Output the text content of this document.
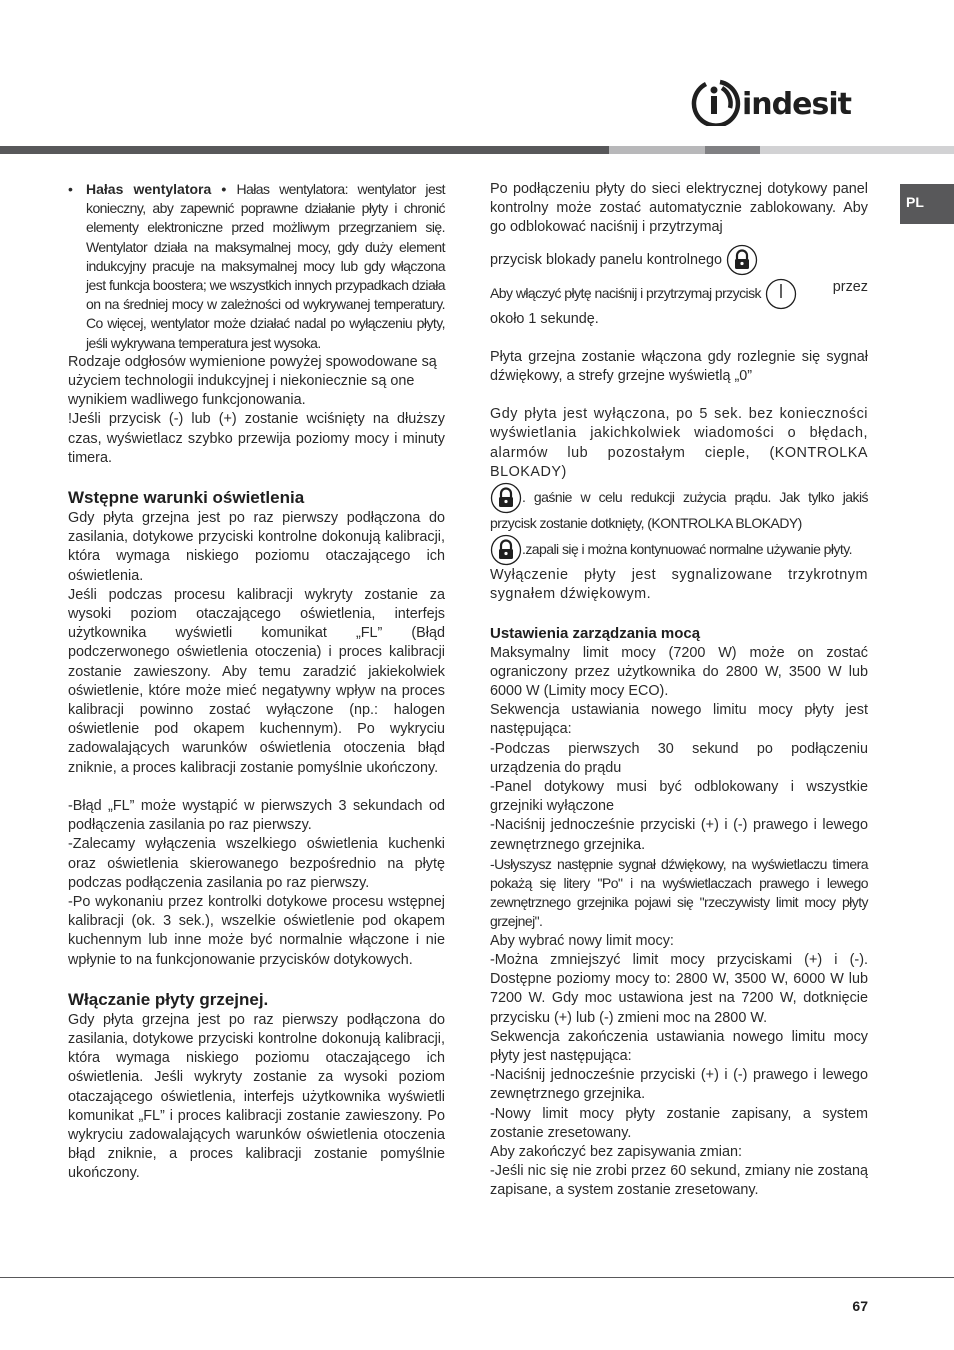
indesit
PL
• Hałas wentylatora • Hałas wentylatora: wentylator jest konieczny, aby zapewnić poprawne działanie płyty i chronić elementy elektroniczne przed możliwym przegrzaniem się. Wentylator działa na maksymalnej mocy, gdy duży element indukcyjny pracuje na maksymalnej mocy lub gdy włączona jest funkcja boostera; we wszystkich innych przypadkach działa on na średniej mocy w zależności od wykrywanej temperatury. Co więcej, wentylator może działać nadal po wyłączeniu płyty, jeśli wykrywana temperatura jest wysoka.

Rodzaje odgłosów wymienione powyżej spowodowane są użyciem technologii indukcyjnej i niekoniecznie są one wynikiem wadliwego funkcjonowania.

!Jeśli przycisk (-) lub (+) zostanie wciśnięty na dłuższy czas, wyświetlacz szybko przewija poziomy mocy i minuty timera.

Wstępne warunki oświetlenia

Gdy płyta grzejna jest po raz pierwszy podłączona do zasilania, dotykowe przyciski kontrolne dokonują kalibracji, która wymaga niskiego poziomu otaczającego ich oświetlenia.

Jeśli podczas procesu kalibracji wykryty zostanie za wysoki poziom otaczającego oświetlenia, interfejs użytkownika wyświetli komunikat „FL” (Błąd podczerwonego oświetlenia otoczenia) i proces kalibracji zostanie zawieszony. Aby temu zaradzić jakiekolwiek oświetlenie, które może mieć negatywny wpływ na proces kalibracji powinno zostać wyłączone (np.: halogen oświetlenie pod okapem kuchennym). Po wykryciu zadowalających warunków oświetlenia otoczenia błąd zniknie, a proces kalibracji zostanie pomyślnie ukończony.

-Błąd „FL” może wystąpić w pierwszych 3 sekundach od podłączenia zasilania po raz pierwszy.

-Zalecamy wyłączenia wszelkiego oświetlenia kuchenki oraz oświetlenia skierowanego bezpośrednio na płytę podczas podłączenia zasilania po raz pierwszy.

-Po wykonaniu przez kontrolki dotykowe procesu wstępnej kalibracji (ok. 3 sek.), wszelkie oświetlenie pod okapem kuchennym lub inne może być normalnie włączone i nie wpłynie to na funkcjonowanie przycisków dotykowych.

Włączanie płyty grzejnej.

Gdy płyta grzejna jest po raz pierwszy podłączona do zasilania, dotykowe przyciski kontrolne dokonują kalibracji, która wymaga niskiego poziomu otaczającego ich oświetlenia. Jeśli wykryty zostanie za wysoki poziom otaczającego oświetlenia, interfejs użytkownika wyświetli komunikat „FL” i proces kalibracji zostanie zawieszony. Po wykryciu zadowalających warunków oświetlenia otoczenia błąd zniknie, a proces kalibracji zostanie pomyślnie ukończony.

Po podłączeniu płyty do sieci elektrycznej dotykowy panel kontrolny może zostać automatycznie zablokowany. Aby go odblokować naciśnij i przytrzymaj

przycisk blokady panelu kontrolnego

Aby włączyć płytę naciśnij i przytrzymaj przycisk	przez

około 1 sekundę.

Płyta grzejna zostanie włączona gdy rozlegnie się sygnał dźwiękowy, a strefy grzejne wyświetlą „0”

Gdy płyta jest wyłączona, po 5 sek. bez konieczności wyświetlania jakichkolwiek wiadomości o błędach, alarmów lub pozostałym cieple, (KONTROLKA BLOKADY)

. gaśnie w celu redukcji zużycia prądu. Jak tylko jakiś przycisk zostanie dotknięty, (KONTROLKA BLOKADY)

.zapali się i można kontynuować normalne używanie płyty.

Wyłączenie płyty jest sygnalizowane trzykrotnym sygnałem dźwiękowym.

Ustawienia zarządzania mocą

Maksymalny limit mocy (7200 W) może on zostać ograniczony przez użytkownika do 2800 W, 3500 W lub 6000 W (Limity mocy ECO).

Sekwencja ustawiania nowego limitu mocy płyty jest następująca:

-Podczas pierwszych 30 sekund po podłączeniu urządzenia do prądu

-Panel dotykowy musi być odblokowany i wszystkie grzejniki wyłączone

-Naciśnij jednocześnie przyciski (+) i (-) prawego i lewego zewnętrznego grzejnika.

-Usłyszysz następnie sygnał dźwiękowy, na wyświetlaczu timera pokażą się litery "Po" i na wyświetlaczach prawego i lewego zewnętrznego grzejnika pojawi się "rzeczywisty limit mocy płyty grzejnej".

Aby wybrać nowy limit mocy:

-Można zmniejszyć limit mocy przyciskami (+) i (-). Dostępne poziomy mocy to: 2800 W, 3500 W, 6000 W lub 7200 W. Gdy moc ustawiona jest na 7200 W, dotknięcie przycisku (+) lub (-) zmieni moc na 2800 W.

Sekwencja zakończenia ustawiania nowego limitu mocy płyty jest następująca:

-Naciśnij jednocześnie przyciski (+) i (-) prawego i lewego zewnętrznego grzejnika.

-Nowy limit mocy płyty zostanie zapisany, a system zostanie zresetowany.

Aby zakończyć bez zapisywania zmian:

-Jeśli nic się nie zrobi przez 60 sekund, zmiany nie zostaną zapisane, a system zostanie zresetowany.

67
